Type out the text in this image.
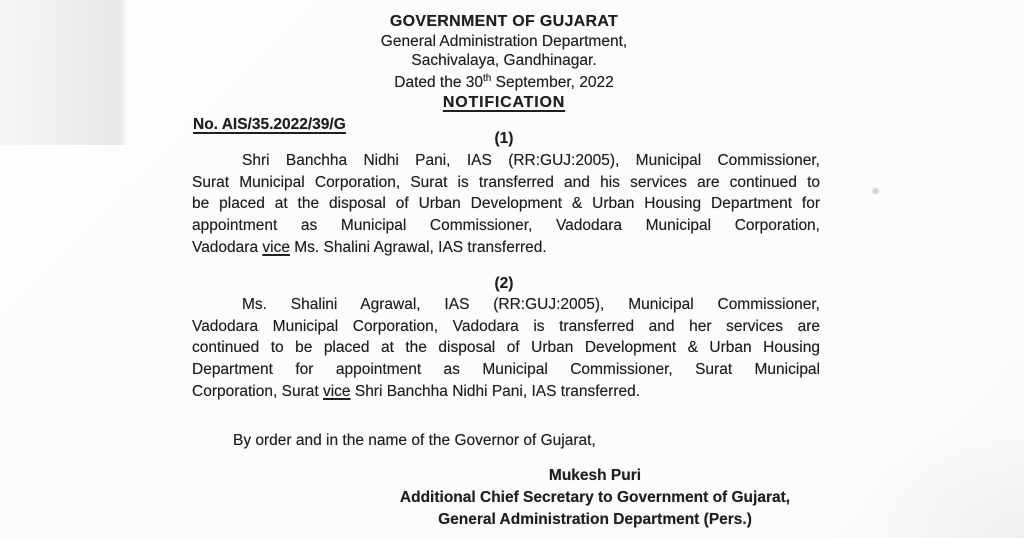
GOVERNMENT OF GUJARAT
General Administration Department,
Sachivalaya, Gandhinagar.
Dated the 30th September, 2022
NOTIFICATION
No. AIS/35.2022/39/G
(1)
Shri Banchha Nidhi Pani, IAS (RR:GUJ:2005), Municipal Commissioner,
Surat Municipal Corporation, Surat is transferred and his services are continued to
be placed at the disposal of Urban Development & Urban Housing Department for
appointment as Municipal Commissioner, Vadodara Municipal Corporation,
Vadodara vice Ms. Shalini Agrawal, IAS transferred.
(2)
Ms. Shalini Agrawal, IAS (RR:GUJ:2005), Municipal Commissioner,
Vadodara Municipal Corporation, Vadodara is transferred and her services are
continued to be placed at the disposal of Urban Development & Urban Housing
Department for appointment as Municipal Commissioner, Surat Municipal
Corporation, Surat vice Shri Banchha Nidhi Pani, IAS transferred.
By order and in the name of the Governor of Gujarat,
Mukesh Puri
Additional Chief Secretary to Government of Gujarat,
General Administration Department (Pers.)
